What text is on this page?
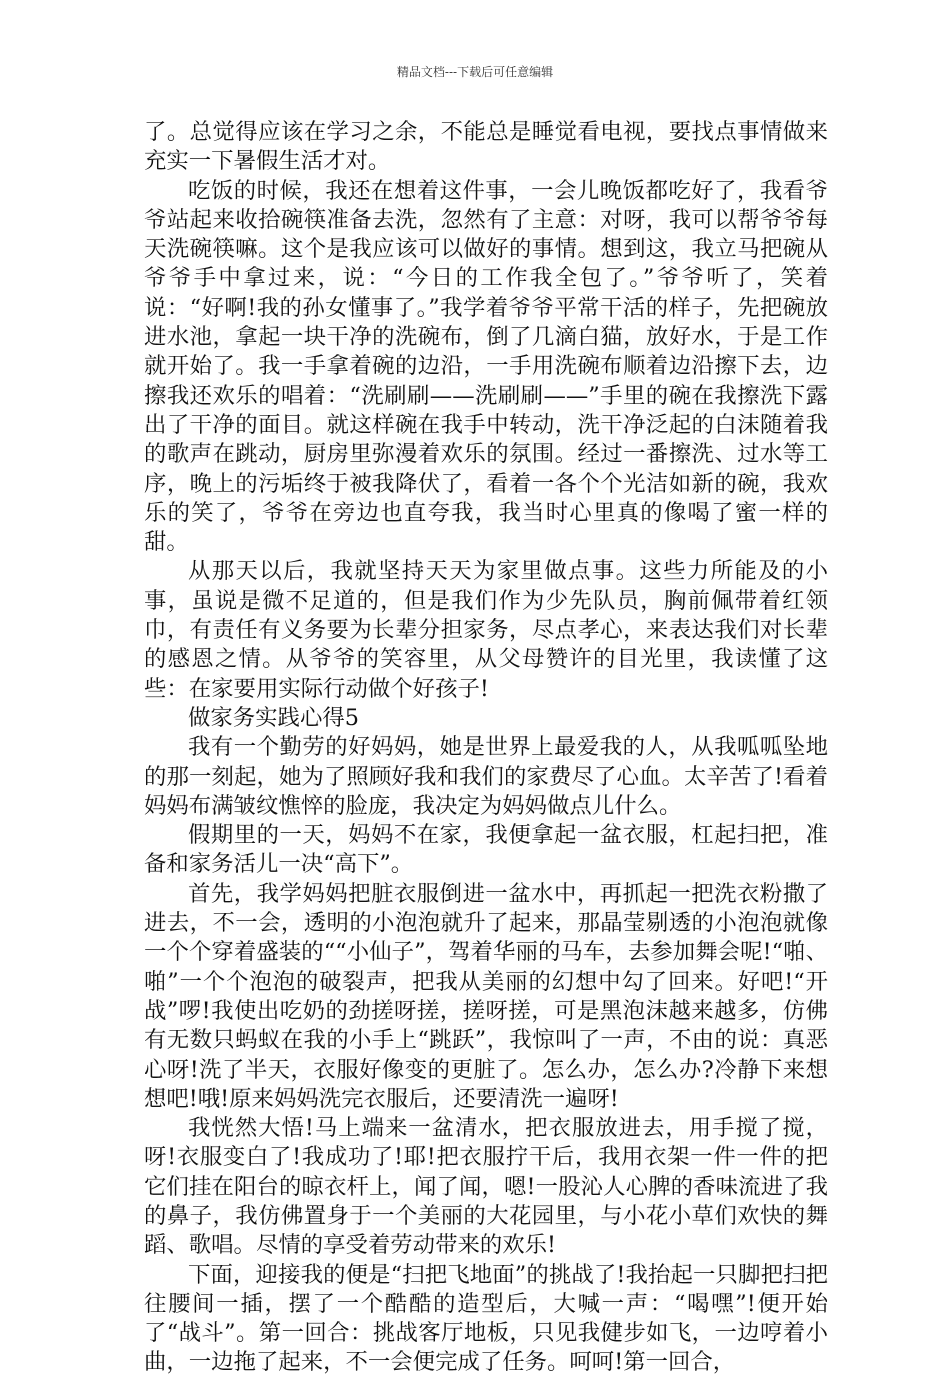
精品文档---下载后可任意编辑

了。总觉得应该在学习之余，不能总是睡觉看电视，要找点事情做来充实一下暑假生活才对。

吃饭的时候，我还在想着这件事，一会儿晚饭都吃好了，我看爷爷站起来收拾碗筷准备去洗，忽然有了主意：对呀，我可以帮爷爷每天洗碗筷嘛。这个是我应该可以做好的事情。想到这，我立马把碗从爷爷手中拿过来，说：“今日的工作我全包了。”爷爷听了，笑着说：“好啊!我的孙女懂事了。”我学着爷爷平常干活的样子，先把碗放进水池，拿起一块干净的洗碗布，倒了几滴白猫，放好水，于是工作就开始了。我一手拿着碗的边沿，一手用洗碗布顺着边沿擦下去，边擦我还欢乐的唱着：“洗刷刷——洗刷刷——”手里的碗在我擦洗下露出了干净的面目。就这样碗在我手中转动，洗干净泛起的白沫随着我的歌声在跳动，厨房里弥漫着欢乐的氛围。经过一番擦洗、过水等工序，晚上的污垢终于被我降伏了，看着一各个个光洁如新的碗，我欢乐的笑了，爷爷在旁边也直夸我，我当时心里真的像喝了蜜一样的甜。

从那天以后，我就坚持天天为家里做点事。这些力所能及的小事，虽说是微不足道的，但是我们作为少先队员，胸前佩带着红领巾，有责任有义务要为长辈分担家务，尽点孝心，来表达我们对长辈的感恩之情。从爷爷的笑容里，从父母赞许的目光里，我读懂了这些：在家要用实际行动做个好孩子!

做家务实践心得5

我有一个勤劳的好妈妈，她是世界上最爱我的人，从我呱呱坠地的那一刻起，她为了照顾好我和我们的家费尽了心血。太辛苦了!看着妈妈布满皱纹憔悴的脸庞，我决定为妈妈做点儿什么。

假期里的一天，妈妈不在家，我便拿起一盆衣服，杠起扫把，准备和家务活儿一决“高下”。

首先，我学妈妈把脏衣服倒进一盆水中，再抓起一把洗衣粉撒了进去，不一会，透明的小泡泡就升了起来，那晶莹剔透的小泡泡就像一个个穿着盛装的““小仙子”，驾着华丽的马车，去参加舞会呢!“啪、啪”一个个泡泡的破裂声，把我从美丽的幻想中勾了回来。好吧!“开战”啰!我使出吃奶的劲搓呀搓，搓呀搓，可是黑泡沫越来越多，仿佛有无数只蚂蚁在我的小手上“跳跃”，我惊叫了一声，不由的说：真恶心呀!洗了半天，衣服好像变的更脏了。怎么办，怎么办?冷静下来想想吧!哦!原来妈妈洗完衣服后，还要清洗一遍呀!

我恍然大悟!马上端来一盆清水，把衣服放进去，用手搅了搅，呀!衣服变白了!我成功了!耶!把衣服拧干后，我用衣架一件一件的把它们挂在阳台的晾衣杆上，闻了闻，嗯!一股沁人心脾的香味流进了我的鼻子，我仿佛置身于一个美丽的大花园里，与小花小草们欢快的舞蹈、歌唱。尽情的享受着劳动带来的欢乐!

下面，迎接我的便是“扫把飞地面”的挑战了!我抬起一只脚把扫把往腰间一插，摆了一个酷酷的造型后，大喊一声：“喝嘿”!便开始了“战斗”。第一回合：挑战客厅地板，只见我健步如飞，一边哼着小曲，一边拖了起来，不一会便完成了任务。呵呵!第一回合，
